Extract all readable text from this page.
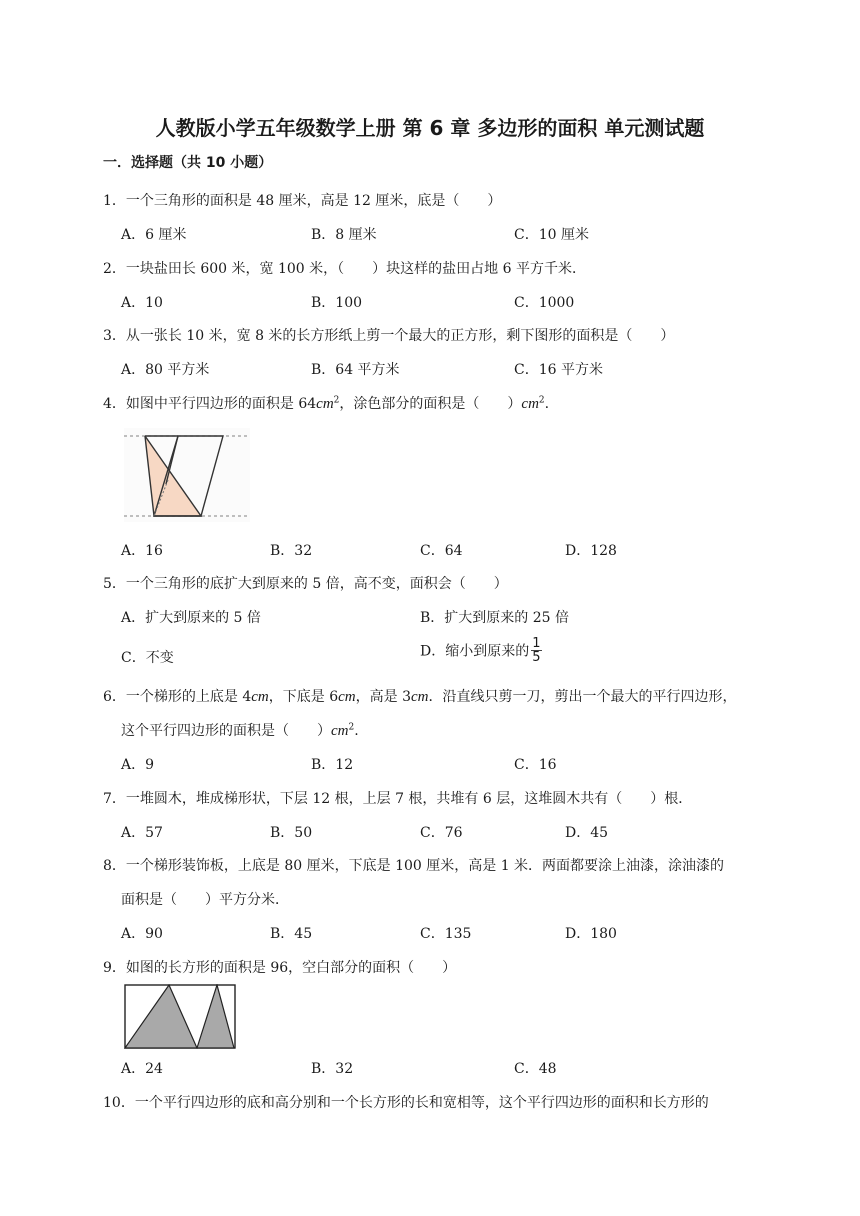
人教版小学五年级数学上册 第 6 章 多边形的面积 单元测试题
一．选择题（共 10 小题）
1．一个三角形的面积是 48 厘米，高是 12 厘米，底是（　　）
A．6 厘米	B．8 厘米	C．10 厘米
2．一块盐田长 600 米，宽 100 米，（　　）块这样的盐田占地 6 平方千米．
A．10	B．100	C．1000
3．从一张长 10 米，宽 8 米的长方形纸上剪一个最大的正方形，剩下图形的面积是（　　）
A．80 平方米	B．64 平方米	C．16 平方米
4．如图中平行四边形的面积是 $64cm^2$，涂色部分的面积是（　　）$cm^2$.
A．16	B．32	C．64	D．128
5．一个三角形的底扩大到原来的 5 倍，高不变，面积会（　　）
A．扩大到原来的 5 倍	B．扩大到原来的 25 倍
C．不变	D．缩小到原来的 $\frac{1}{5}$
6．一个梯形的上底是 4cm，下底是 6cm，高是 3cm．沿直线只剪一刀，剪出一个最大的平行四边形，
这个平行四边形的面积是（　　）$cm^2$.
A．9	B．12	C．16
7．一堆圆木，堆成梯形状，下层 12 根，上层 7 根，共堆有 6 层，这堆圆木共有（　　）根．
A．57	B．50	C．76	D．45
8．一个梯形装饰板，上底是 80 厘米，下底是 100 厘米，高是 1 米．两面都要涂上油漆，涂油漆的
面积是（　　）平方分米．
A．90	B．45	C．135	D．180
9．如图的长方形的面积是 96，空白部分的面积（　　）
A．24	B．32	C．48
10．一个平行四边形的底和高分别和一个长方形的长和宽相等，这个平行四边形的面积和长方形的
